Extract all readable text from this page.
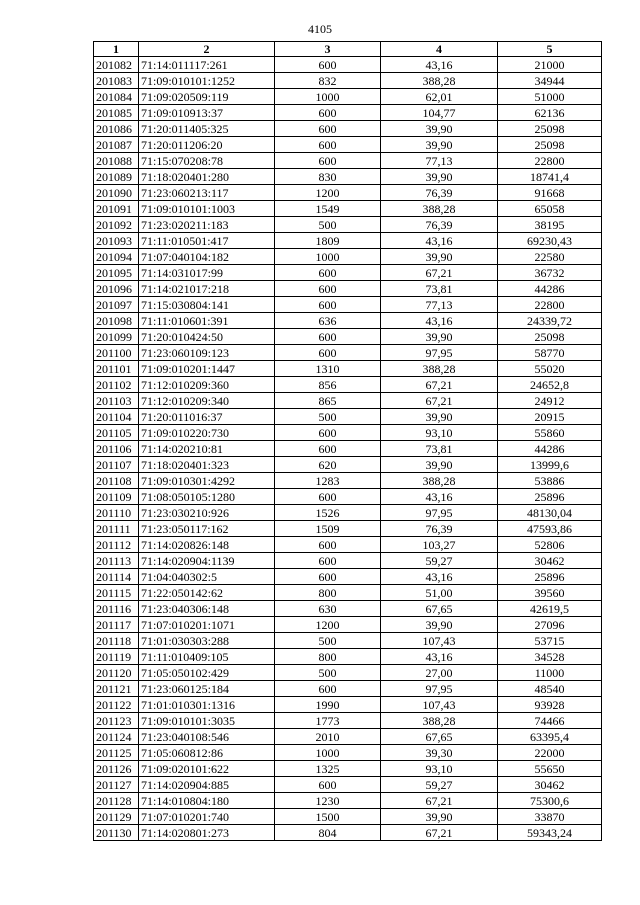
4105
1	2	3	4	5
201082	71:14:011117:261	600	43,16	21000
201083	71:09:010101:1252	832	388,28	34944
201084	71:09:020509:119	1000	62,01	51000
201085	71:09:010913:37	600	104,77	62136
201086	71:20:011405:325	600	39,90	25098
201087	71:20:011206:20	600	39,90	25098
201088	71:15:070208:78	600	77,13	22800
201089	71:18:020401:280	830	39,90	18741,4
201090	71:23:060213:117	1200	76,39	91668
201091	71:09:010101:1003	1549	388,28	65058
201092	71:23:020211:183	500	76,39	38195
201093	71:11:010501:417	1809	43,16	69230,43
201094	71:07:040104:182	1000	39,90	22580
201095	71:14:031017:99	600	67,21	36732
201096	71:14:021017:218	600	73,81	44286
201097	71:15:030804:141	600	77,13	22800
201098	71:11:010601:391	636	43,16	24339,72
201099	71:20:010424:50	600	39,90	25098
201100	71:23:060109:123	600	97,95	58770
201101	71:09:010201:1447	1310	388,28	55020
201102	71:12:010209:360	856	67,21	24652,8
201103	71:12:010209:340	865	67,21	24912
201104	71:20:011016:37	500	39,90	20915
201105	71:09:010220:730	600	93,10	55860
201106	71:14:020210:81	600	73,81	44286
201107	71:18:020401:323	620	39,90	13999,6
201108	71:09:010301:4292	1283	388,28	53886
201109	71:08:050105:1280	600	43,16	25896
201110	71:23:030210:926	1526	97,95	48130,04
201111	71:23:050117:162	1509	76,39	47593,86
201112	71:14:020826:148	600	103,27	52806
201113	71:14:020904:1139	600	59,27	30462
201114	71:04:040302:5	600	43,16	25896
201115	71:22:050142:62	800	51,00	39560
201116	71:23:040306:148	630	67,65	42619,5
201117	71:07:010201:1071	1200	39,90	27096
201118	71:01:030303:288	500	107,43	53715
201119	71:11:010409:105	800	43,16	34528
201120	71:05:050102:429	500	27,00	11000
201121	71:23:060125:184	600	97,95	48540
201122	71:01:010301:1316	1990	107,43	93928
201123	71:09:010101:3035	1773	388,28	74466
201124	71:23:040108:546	2010	67,65	63395,4
201125	71:05:060812:86	1000	39,30	22000
201126	71:09:020101:622	1325	93,10	55650
201127	71:14:020904:885	600	59,27	30462
201128	71:14:010804:180	1230	67,21	75300,6
201129	71:07:010201:740	1500	39,90	33870
201130	71:14:020801:273	804	67,21	59343,24
